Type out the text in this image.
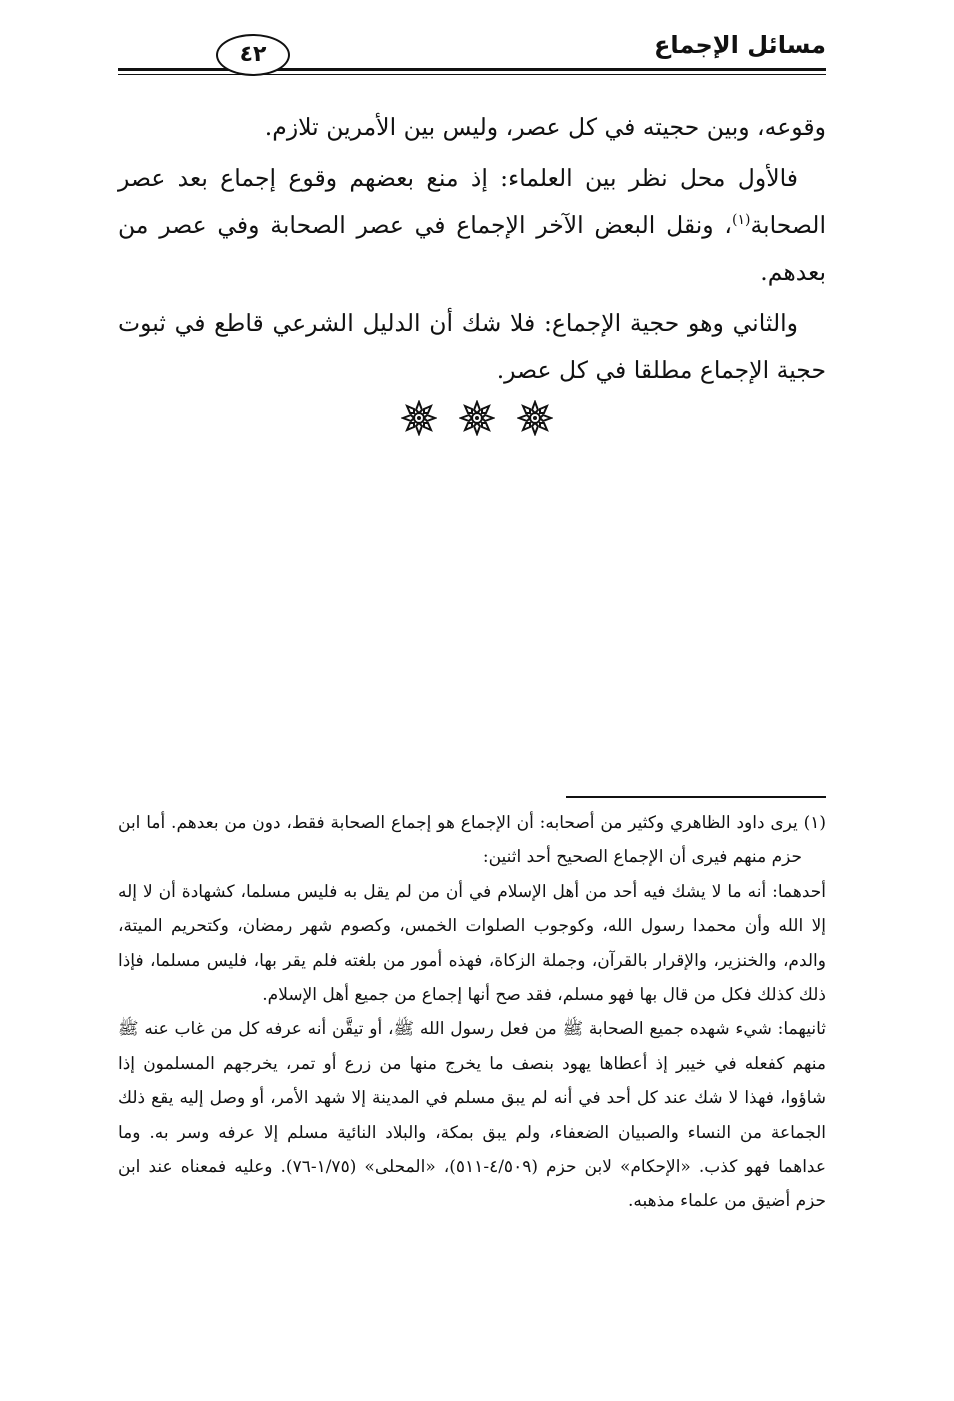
مسائل الإجماع
٤٢

وقوعه، وبين حجيته في كل عصر، وليس بين الأمرين تلازم.

فالأول محل نظر بين العلماء: إذ منع بعضهم وقوع إجماع بعد عصر الصحابة$^{(١)}$، ونقل البعض الآخر الإجماع في عصر الصحابة وفي عصر من بعدهم.

والثاني وهو حجية الإجماع: فلا شك أن الدليل الشرعي قاطع في ثبوت حجية الإجماع مطلقا في كل عصر.

(١) يرى داود الظاهري وكثير من أصحابه: أن الإجماع هو إجماع الصحابة فقط، دون من بعدهم. أما ابن حزم منهم فيرى أن الإجماع الصحيح أحد اثنين:

أحدهما: أنه ما لا يشك فيه أحد من أهل الإسلام في أن من لم يقل به فليس مسلما، كشهادة أن لا إله إلا الله وأن محمدا رسول الله، وكوجوب الصلوات الخمس، وكصوم شهر رمضان، وكتحريم الميتة، والدم، والخنزير، والإقرار بالقرآن، وجملة الزكاة، فهذه أمور من بلغته فلم يقر بها، فليس مسلما، فإذا ذلك كذلك فكل من قال بها فهو مسلم، فقد صح أنها إجماع من جميع أهل الإسلام.

ثانيهما: شيء شهده جميع الصحابة ﷺ من فعل رسول الله ﷺ، أو تيقَّن أنه عرفه كل من غاب عنه ﷺ منهم كفعله في خيبر إذ أعطاها يهود بنصف ما يخرج منها من زرع أو تمر، يخرجهم المسلمون إذا شاؤوا، فهذا لا شك عند كل أحد في أنه لم يبق مسلم في المدينة إلا شهد الأمر، أو وصل إليه يقع ذلك الجماعة من النساء والصبيان الضعفاء، ولم يبق بمكة، والبلاد النائية مسلم إلا عرفه وسر به. وما عداهما فهو كذب. «الإحكام» لابن حزم (٤/٥٠٩-٥١١)، «المحلى» (١/٧٥-٧٦). وعليه فمعناه عند ابن حزم أضيق من علماء مذهبه.
